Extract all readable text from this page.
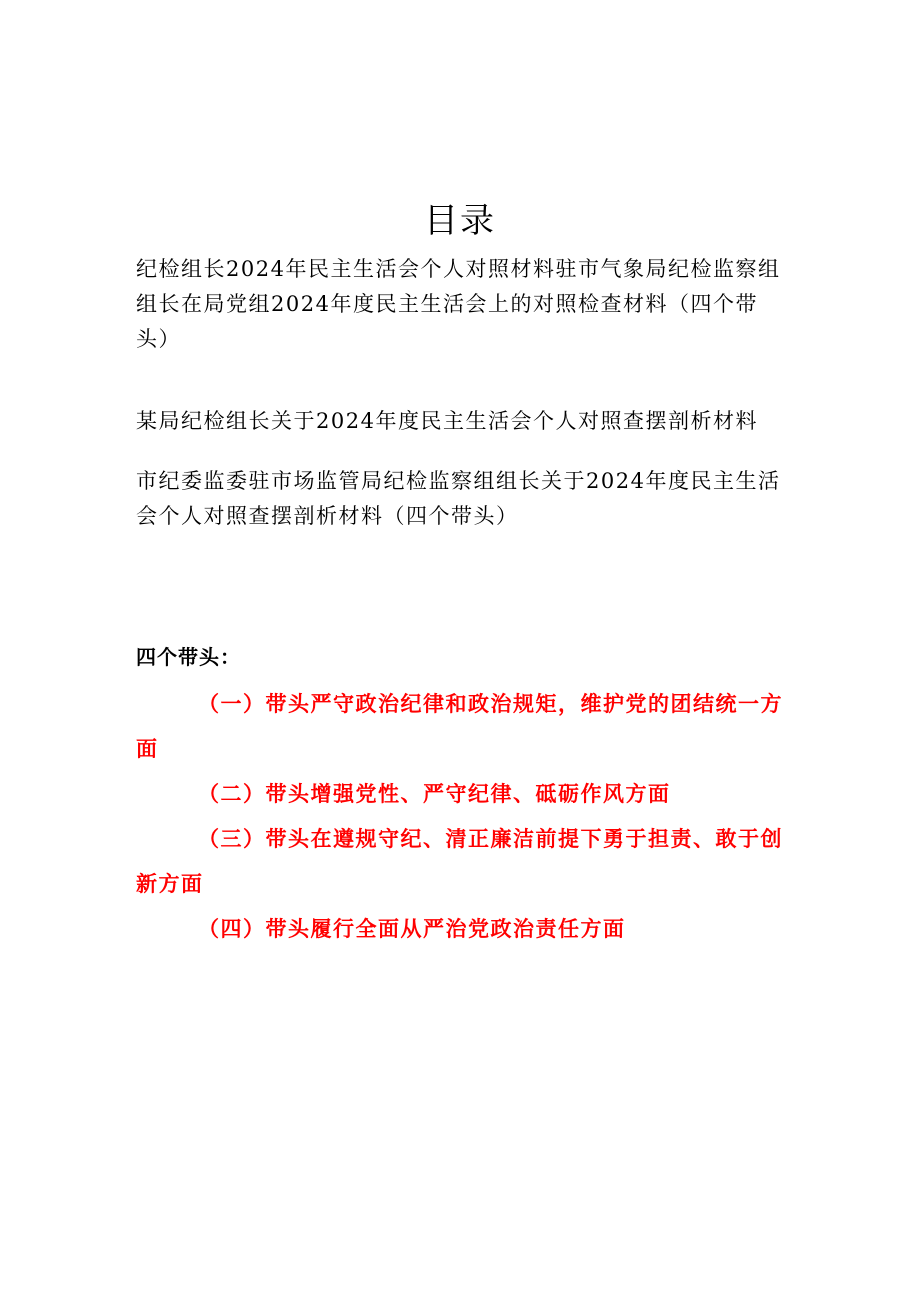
目录

纪检组长2024年民主生活会个人对照材料驻市气象局纪检监察组组长在局党组2024年度民主生活会上的对照检查材料（四个带头）

某局纪检组长关于2024年度民主生活会个人对照查摆剖析材料

市纪委监委驻市场监管局纪检监察组组长关于2024年度民主生活会个人对照查摆剖析材料（四个带头）

四个带头：

（一）带头严守政治纪律和政治规矩，维护党的团结统一方面

（二）带头增强党性、严守纪律、砥砺作风方面

（三）带头在遵规守纪、清正廉洁前提下勇于担责、敢于创新方面

（四）带头履行全面从严治党政治责任方面
